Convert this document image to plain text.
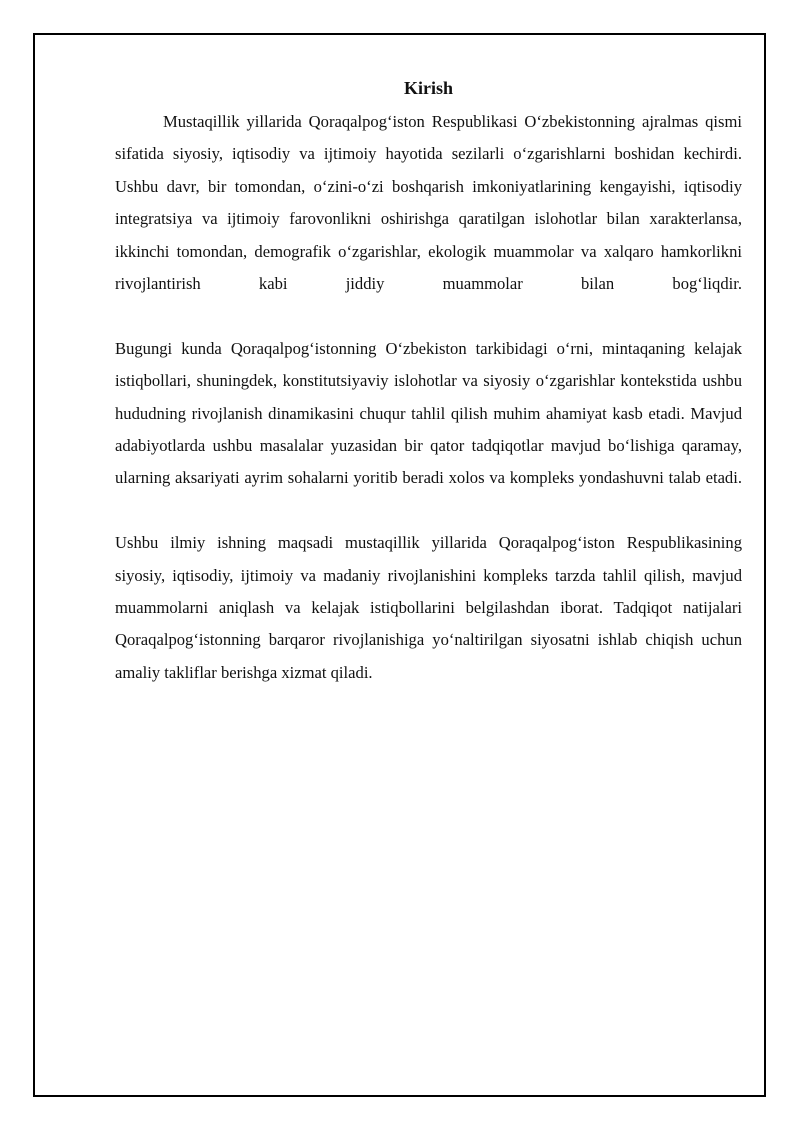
Kirish

Mustaqillik yillarida Qoraqalpog‘iston Respublikasi O‘zbekistonning ajralmas qismi sifatida siyosiy, iqtisodiy va ijtimoiy hayotida sezilarli o‘zgarishlarni boshidan kechirdi. Ushbu davr, bir tomondan, o‘zini-o‘zi boshqarish imkoniyatlarining kengayishi, iqtisodiy integratsiya va ijtimoiy farovonlikni oshirishga qaratilgan islohotlar bilan xarakterlansa, ikkinchi tomondan, demografik o‘zgarishlar, ekologik muammolar va xalqaro hamkorlikni rivojlantirish kabi jiddiy muammolar bilan bog‘liqdir.

Bugungi kunda Qoraqalpog‘istonning O‘zbekiston tarkibidagi o‘rni, mintaqaning kelajak istiqbollari, shuningdek, konstitutsiyaviy islohotlar va siyosiy o‘zgarishlar kontekstida ushbu hududning rivojlanish dinamikasini chuqur tahlil qilish muhim ahamiyat kasb etadi. Mavjud adabiyotlarda ushbu masalalar yuzasidan bir qator tadqiqotlar mavjud bo‘lishiga qaramay, ularning aksariyati ayrim sohalarni yoritib beradi xolos va kompleks yondashuvni talab etadi.

Ushbu ilmiy ishning maqsadi mustaqillik yillarida Qoraqalpog‘iston Respublikasining siyosiy, iqtisodiy, ijtimoiy va madaniy rivojlanishini kompleks tarzda tahlil qilish, mavjud muammolarni aniqlash va kelajak istiqbollarini belgilashdan iborat. Tadqiqot natijalari Qoraqalpog‘istonning barqaror rivojlanishiga yo‘naltirilgan siyosatni ishlab chiqish uchun amaliy takliflar berishga xizmat qiladi.
